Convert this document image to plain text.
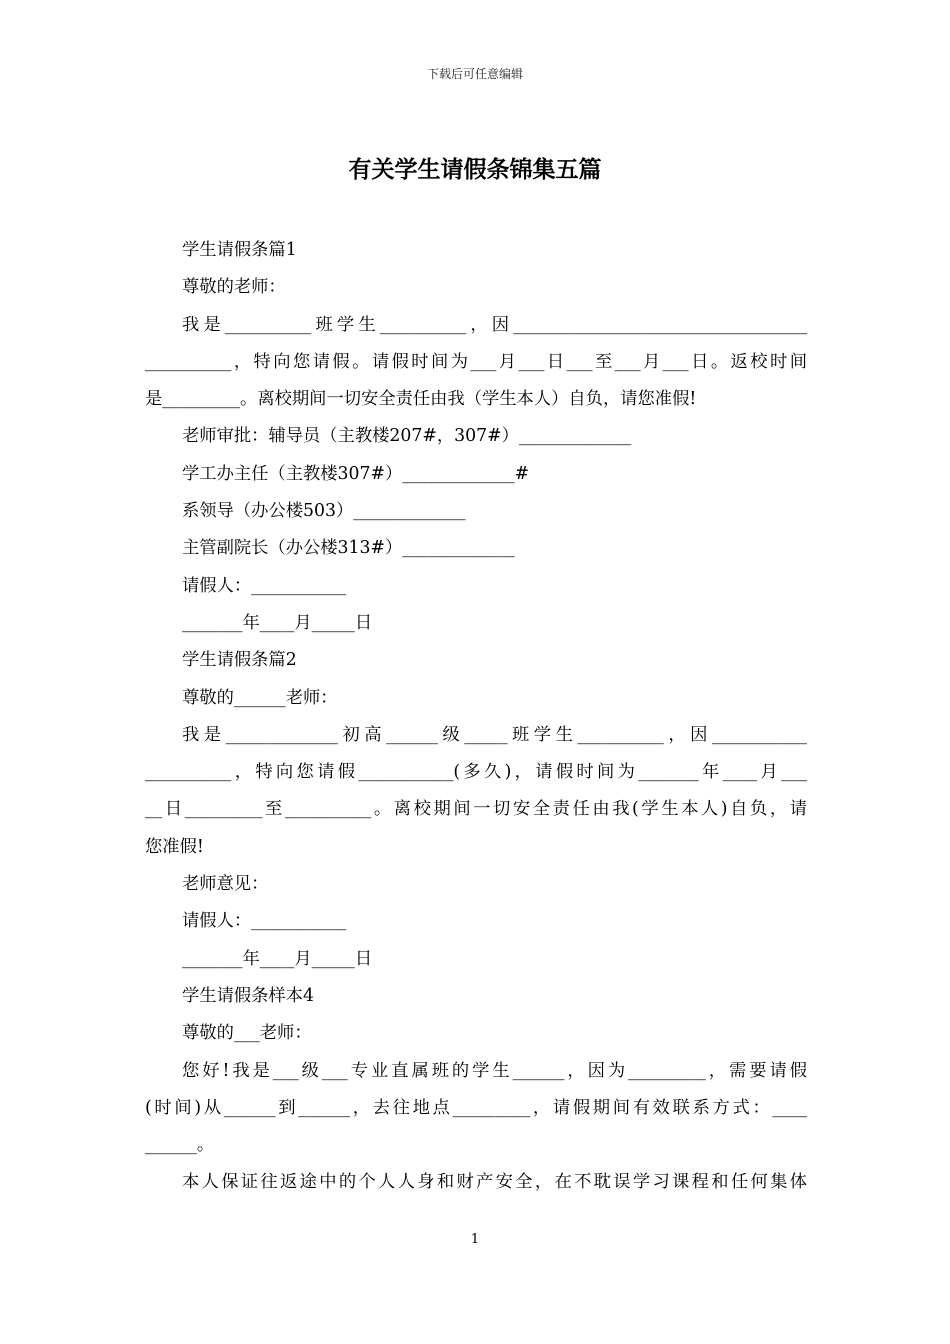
下载后可任意编辑
有关学生请假条锦集五篇
学生请假条篇1
尊敬的老师：
我是__________班学生__________，因__________________________________
__________，特向您请假。请假时间为___月___日___至___月___日。返校时间
是_________。离校期间一切安全责任由我（学生本人）自负，请您准假!
老师审批：辅导员（主教楼207#，307#）_____________
学工办主任（主教楼307#）_____________#
系领导（办公楼503）_____________
主管副院长（办公楼313#）_____________
请假人：___________
_______年____月_____日
学生请假条篇2
尊敬的______老师：
我是_____________初高______级_____班学生__________，因___________
__________，特向您请假___________(多久)，请假时间为_______年____月___
__日_________至__________。离校期间一切安全责任由我(学生本人)自负，请
您准假!
老师意见：
请假人：___________
_______年____月_____日
学生请假条样本4
尊敬的___老师：
您好!我是___级___专业直属班的学生______，因为_________，需要请假
(时间)从______到______，去往地点_________，请假期间有效联系方式：____
______。
本人保证往返途中的个人人身和财产安全，在不耽误学习课程和任何集体
1
